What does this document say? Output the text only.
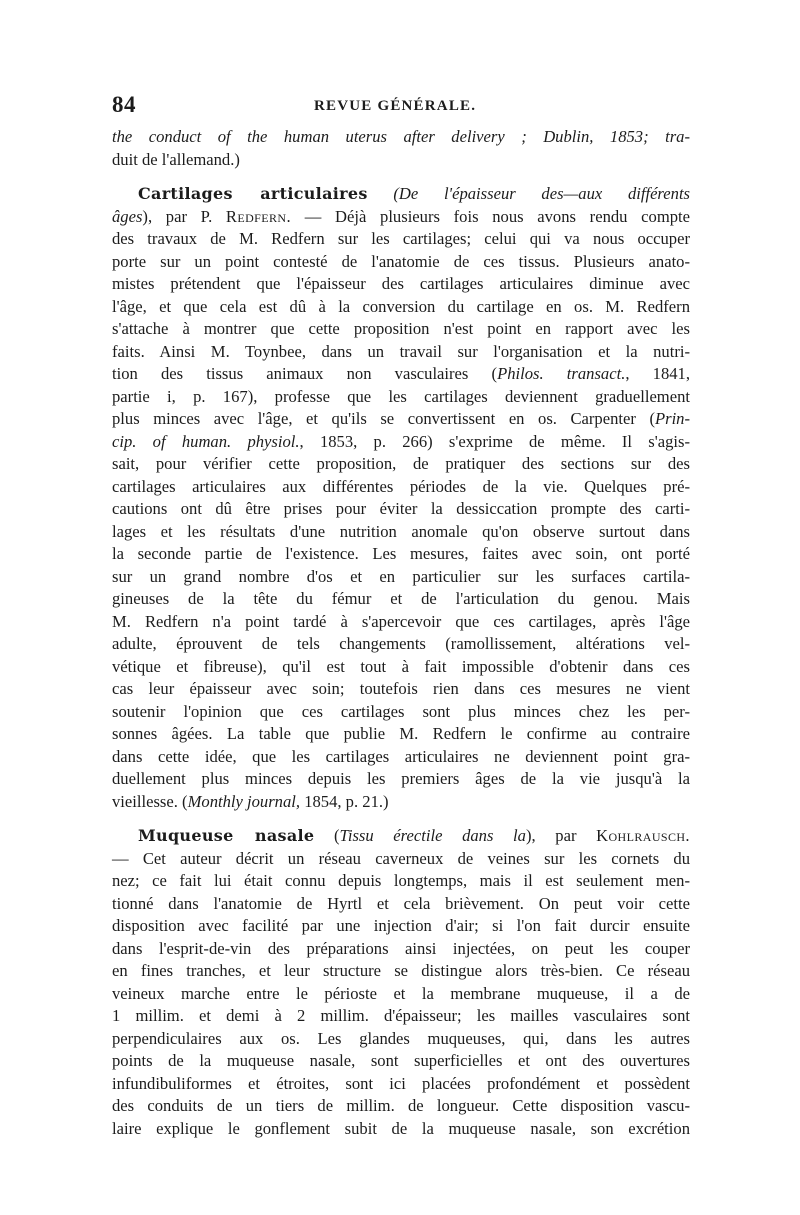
84	REVUE GÉNÉRALE.
the conduct of the human uterus after delivery ; Dublin, 1853; tra-
duit de l'allemand.)
Cartilages articulaires (De l'épaisseur des—aux différents
âges), par P. Redfern. — Déjà plusieurs fois nous avons rendu compte
des travaux de M. Redfern sur les cartilages; celui qui va nous occuper
porte sur un point contesté de l'anatomie de ces tissus. Plusieurs anato-
mistes prétendent que l'épaisseur des cartilages articulaires diminue avec
l'âge, et que cela est dû à la conversion du cartilage en os. M. Redfern
s'attache à montrer que cette proposition n'est point en rapport avec les
faits. Ainsi M. Toynbee, dans un travail sur l'organisation et la nutri-
tion des tissus animaux non vasculaires (Philos. transact., 1841,
partie i, p. 167), professe que les cartilages deviennent graduellement
plus minces avec l'âge, et qu'ils se convertissent en os. Carpenter (Prin-
cip. of human. physiol., 1853, p. 266) s'exprime de même. Il s'agis-
sait, pour vérifier cette proposition, de pratiquer des sections sur des
cartilages articulaires aux différentes périodes de la vie. Quelques pré-
cautions ont dû être prises pour éviter la dessiccation prompte des carti-
lages et les résultats d'une nutrition anomale qu'on observe surtout dans
la seconde partie de l'existence. Les mesures, faites avec soin, ont porté
sur un grand nombre d'os et en particulier sur les surfaces cartila-
gineuses de la tête du fémur et de l'articulation du genou. Mais
M. Redfern n'a point tardé à s'apercevoir que ces cartilages, après l'âge
adulte, éprouvent de tels changements (ramollissement, altérations vel-
vétique et fibreuse), qu'il est tout à fait impossible d'obtenir dans ces
cas leur épaisseur avec soin; toutefois rien dans ces mesures ne vient
soutenir l'opinion que ces cartilages sont plus minces chez les per-
sonnes âgées. La table que publie M. Redfern le confirme au contraire
dans cette idée, que les cartilages articulaires ne deviennent point gra-
duellement plus minces depuis les premiers âges de la vie jusqu'à la
vieillesse. (Monthly journal, 1854, p. 21.)
Muqueuse nasale (Tissu érectile dans la), par Kohlrausch.
— Cet auteur décrit un réseau caverneux de veines sur les cornets du
nez; ce fait lui était connu depuis longtemps, mais il est seulement men-
tionné dans l'anatomie de Hyrtl et cela brièvement. On peut voir cette
disposition avec facilité par une injection d'air; si l'on fait durcir ensuite
dans l'esprit-de-vin des préparations ainsi injectées, on peut les couper
en fines tranches, et leur structure se distingue alors très-bien. Ce réseau
veineux marche entre le périoste et la membrane muqueuse, il a de
1 millim. et demi à 2 millim. d'épaisseur; les mailles vasculaires sont
perpendiculaires aux os. Les glandes muqueuses, qui, dans les autres
points de la muqueuse nasale, sont superficielles et ont des ouvertures
infundibuliformes et étroites, sont ici placées profondément et possèdent
des conduits de un tiers de millim. de longueur. Cette disposition vascu-
laire explique le gonflement subit de la muqueuse nasale, son excrétion
